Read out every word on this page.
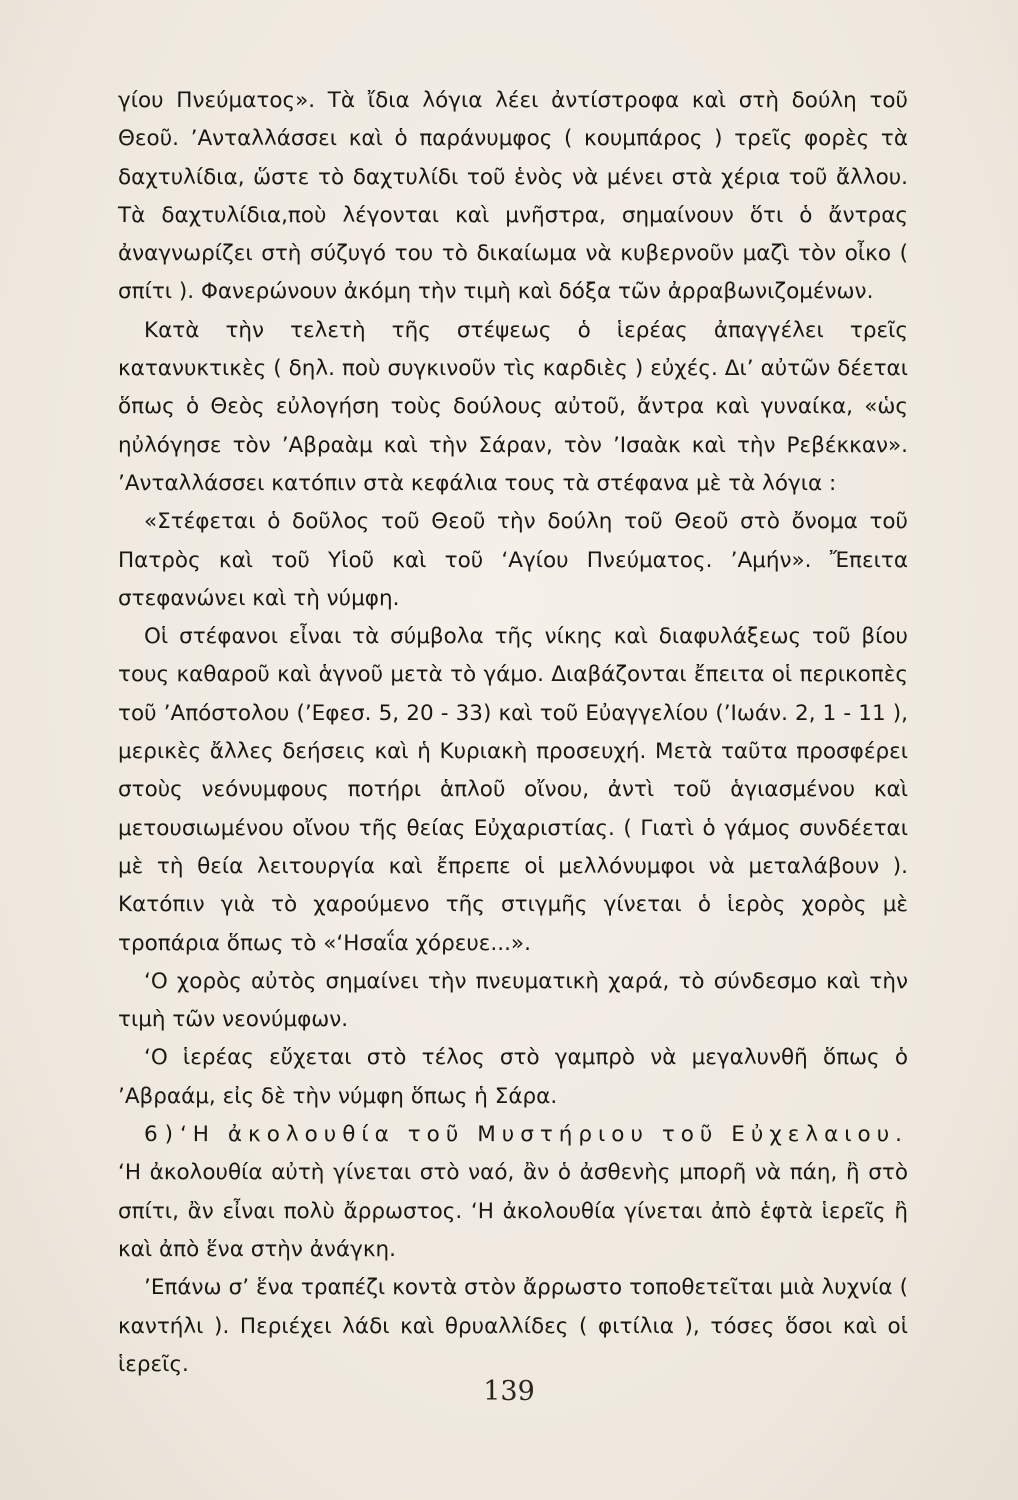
γίου Πνεύματος». Τὰ ἴδια λόγια λέει ἀντίστροφα καὶ στὴ δούλη τοῦ Θεοῦ. ’Ανταλλάσσει καὶ ὁ παράνυμφος ( κουμπάρος ) τρεῖς φορὲς τὰ δαχτυλίδια, ὥστε τὸ δαχτυλίδι τοῦ ἑνὸς νὰ μένει στὰ χέρια τοῦ ἄλλου. Τὰ δαχτυλίδια,ποὺ λέγονται καὶ μνῆστρα, σημαίνουν ὅτι ὁ ἄντρας ἀναγνωρίζει στὴ σύζυγό του τὸ δικαίωμα νὰ κυβερνοῦν μαζὶ τὸν οἶκο ( σπίτι ). Φανερώνουν ἀκόμη τὴν τιμὴ καὶ δόξα τῶν ἀρραβωνιζομένων.

Κατὰ τὴν τελετὴ τῆς στέψεως ὁ ἱερέας ἀπαγγέλει τρεῖς κατανυκτικὲς ( δηλ. ποὺ συγκινοῦν τὶς καρδιὲς ) εὐχές. Δι’ αὐτῶν δέεται ὅπως ὁ Θεὸς εὐλογήση τοὺς δούλους αὐτοῦ, ἄντρα καὶ γυναίκα, «ὡς ηὐλόγησε τὸν ’Αβραὰμ καὶ τὴν Σάραν, τὸν ’Ισαὰκ καὶ τὴν Ρεβέκκαν». ’Ανταλλάσσει κατόπιν στὰ κεφάλια τους τὰ στέφανα μὲ τὰ λόγια :

«Στέφεται ὁ δοῦλος τοῦ Θεοῦ τὴν δούλη τοῦ Θεοῦ στὸ ὄνομα τοῦ Πατρὸς καὶ τοῦ Υἱοῦ καὶ τοῦ ‘Αγίου Πνεύματος. ’Αμήν». Ἔπειτα στεφανώνει καὶ τὴ νύμφη.

Οἱ στέφανοι εἶναι τὰ σύμβολα τῆς νίκης καὶ διαφυλάξεως τοῦ βίου τους καθαροῦ καὶ ἁγνοῦ μετὰ τὸ γάμο. Διαβάζονται ἔπειτα οἱ περικοπὲς τοῦ ’Απόστολου (’Εφεσ. 5, 20 - 33) καὶ τοῦ Εὐαγγελίου (’Ιωάν. 2, 1 - 11 ), μερικὲς ἄλλες δεήσεις καὶ ἡ Κυριακὴ προσευχή. Μετὰ ταῦτα προσφέρει στοὺς νεόνυμφους ποτήρι ἁπλοῦ οἴνου, ἀντὶ τοῦ ἁγιασμένου καὶ μετουσιωμένου οἴνου τῆς θείας Εὐχαριστίας. ( Γιατὶ ὁ γάμος συνδέεται μὲ τὴ θεία λειτουργία καὶ ἔπρεπε οἱ μελλόνυμφοι νὰ μεταλάβουν ). Κατόπιν γιὰ τὸ χαρούμενο τῆς στιγμῆς γίνεται ὁ ἱερὸς χορὸς μὲ τροπάρια ὅπως τὸ «‘Ησαΐα χόρευε...».

‘Ο χορὸς αὐτὸς σημαίνει τὴν πνευματικὴ χαρά, τὸ σύνδεσμο καὶ τὴν τιμὴ τῶν νεονύμφων.

‘Ο ἱερέας εὔχεται στὸ τέλος στὸ γαμπρὸ νὰ μεγαλυνθῆ ὅπως ὁ ’Αβραάμ, εἰς δὲ τὴν νύμφη ὅπως ἡ Σάρα.

6 ) ‘Η ἀκολουθία τοῦ Μυστήριου τοῦ Εὐχελαιου. ‘Η ἀκολουθία αὐτὴ γίνεται στὸ ναό, ἂν ὁ ἀσθενὴς μπορῆ νὰ πάη, ἢ στὸ σπίτι, ἂν εἶναι πολὺ ἄρρωστος. ‘Η ἀκολουθία γίνεται ἀπὸ ἑφτὰ ἱερεῖς ἢ καὶ ἀπὸ ἕνα στὴν ἀνάγκη.

’Επάνω σ’ ἕνα τραπέζι κοντὰ στὸν ἄρρωστο τοποθετεῖται μιὰ λυχνία ( καντήλι ). Περιέχει λάδι καὶ θρυαλλίδες ( φιτίλια ), τόσες ὅσοι καὶ οἱ ἱερεῖς.

139
